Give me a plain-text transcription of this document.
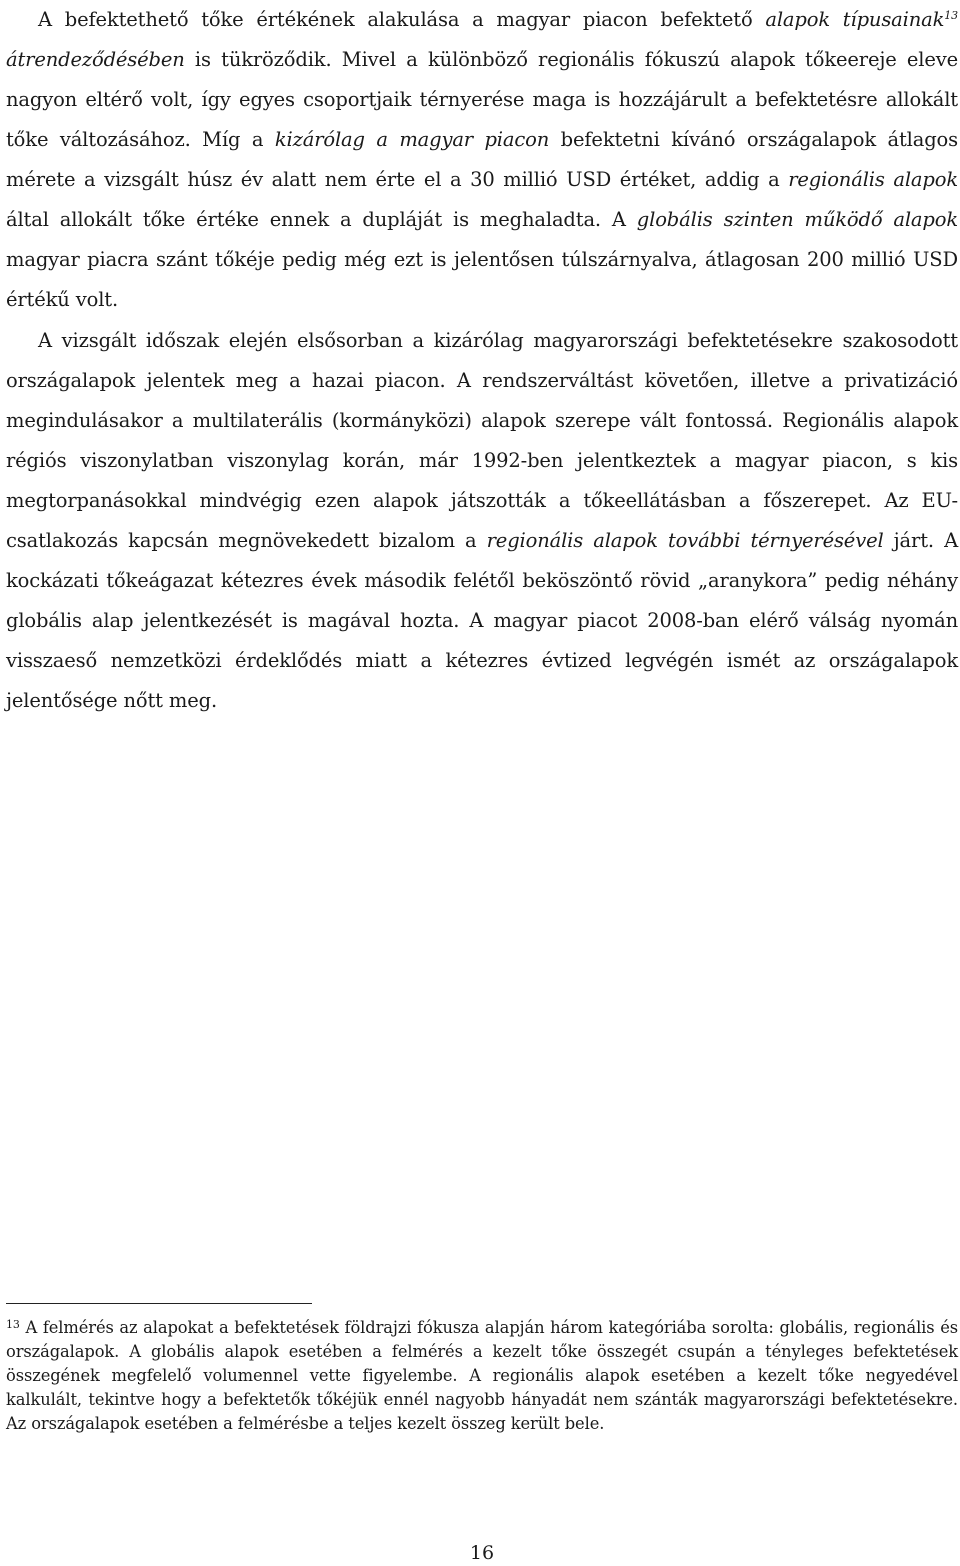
A befektethető tőke értékének alakulása a magyar piacon befektető alapok típusainak$^{13}$ átrendeződésében is tükröződik. Mivel a különböző regionális fókuszú alapok tőkeereje eleve nagyon eltérő volt, így egyes csoportjaik térnyerése maga is hozzájárult a befektetésre allokált tőke változásához. Míg a kizárólag a magyar piacon befektetni kívánó országalapok átlagos mérete a vizsgált húsz év alatt nem érte el a 30 millió USD értéket, addig a regionális alapok által allokált tőke értéke ennek a dupláját is meghaladta. A globális szinten működő alapok magyar piacra szánt tőkéje pedig még ezt is jelentősen túlszárnyalva, átlagosan 200 millió USD értékű volt.

A vizsgált időszak elején elsősorban a kizárólag magyarországi befektetésekre szakosodott országalapok jelentek meg a hazai piacon. A rendszerváltást követően, illetve a privatizáció megindulásakor a multilaterális (kormányközi) alapok szerepe vált fontossá. Regionális alapok régiós viszonylatban viszonylag korán, már 1992-ben jelentkeztek a magyar piacon, s kis megtorpanásokkal mindvégig ezen alapok játszották a tőkeellátásban a főszerepet. Az EU-csatlakozás kapcsán megnövekedett bizalom a regionális alapok további térnyerésével járt. A kockázati tőkeágazat kétezres évek második felétől beköszöntő rövid „aranykora” pedig néhány globális alap jelentkezését is magával hozta. A magyar piacot 2008-ban elérő válság nyomán visszaeső nemzetközi érdeklődés miatt a kétezres évtized legvégén ismét az országalapok jelentősége nőtt meg.

$^{13}$ A felmérés az alapokat a befektetések földrajzi fókusza alapján három kategóriába sorolta: globális, regionális és országalapok. A globális alapok esetében a felmérés a kezelt tőke összegét csupán a tényleges befektetések összegének megfelelő volumennel vette figyelembe. A regionális alapok esetében a kezelt tőke negyedével kalkulált, tekintve hogy a befektetők tőkéjük ennél nagyobb hányadát nem szánták magyarországi befektetésekre. Az országalapok esetében a felmérésbe a teljes kezelt összeg került bele.

16
